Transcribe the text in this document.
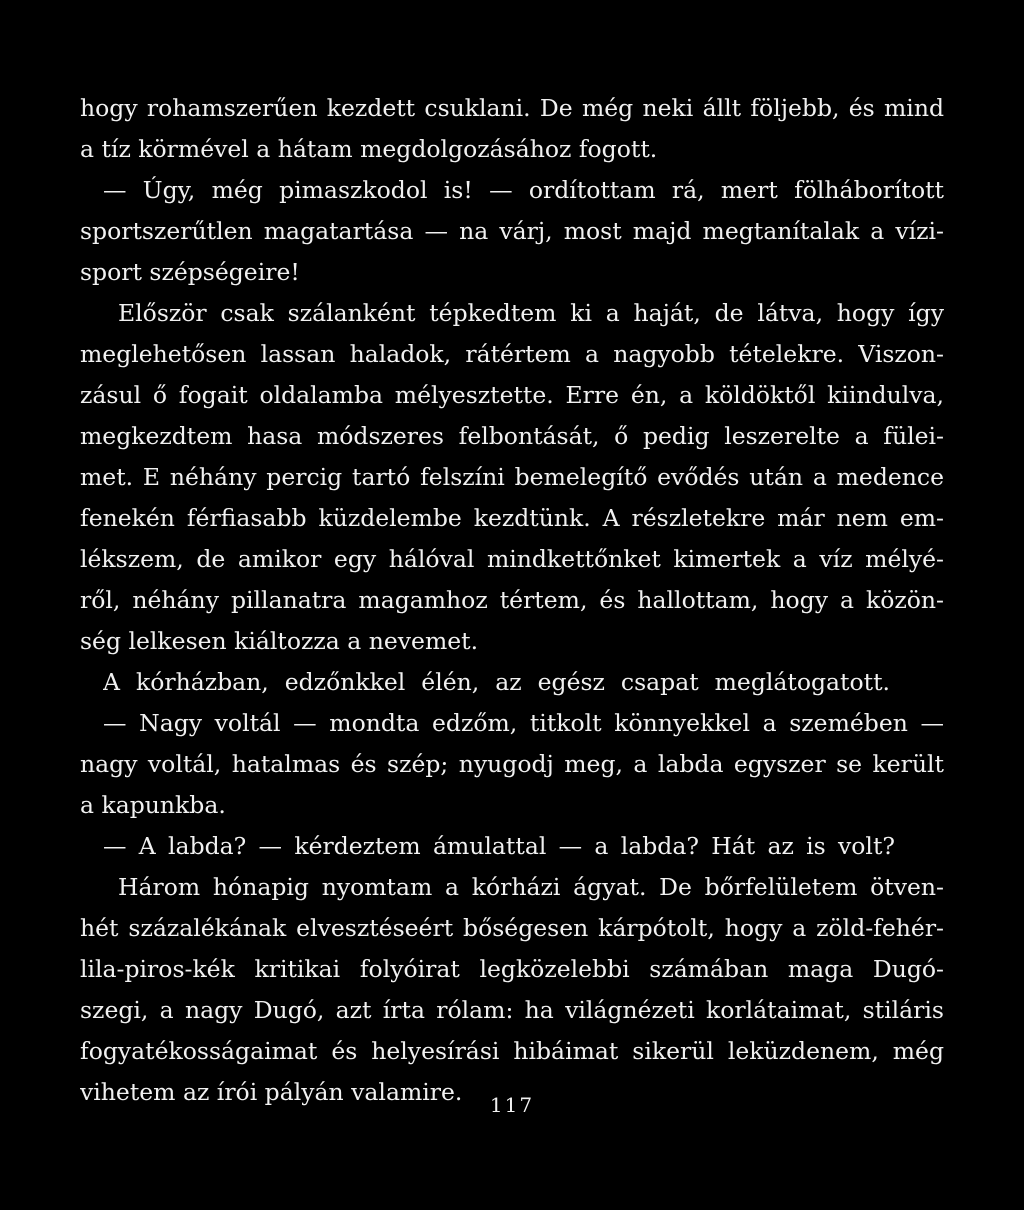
hogy rohamszerűen kezdett csuklani. De még neki állt följebb, és mind
a tíz körmével a hátam megdolgozásához fogott.
— Úgy, még pimaszkodol is! — ordítottam rá, mert fölháborított
sportszerűtlen magatartása — na várj, most majd megtanítalak a vízi-
sport szépségeire!
Először csak szálanként tépkedtem ki a haját, de látva, hogy így
meglehetősen lassan haladok, rátértem a nagyobb tételekre. Viszon-
zásul ő fogait oldalamba mélyesztette. Erre én, a köldöktől kiindulva,
megkezdtem hasa módszeres felbontását, ő pedig leszerelte a fülei-
met. E néhány percig tartó felszíni bemelegítő evődés után a medence
fenekén férfiasabb küzdelembe kezdtünk. A részletekre már nem em-
lékszem, de amikor egy hálóval mindkettőnket kimertek a víz mélyé-
ről, néhány pillanatra magamhoz tértem, és hallottam, hogy a közön-
ség lelkesen kiáltozza a nevemet.
A kórházban, edzőnkkel élén, az egész csapat meglátogatott.
— Nagy voltál — mondta edzőm, titkolt könnyekkel a szemében —
nagy voltál, hatalmas és szép; nyugodj meg, a labda egyszer se került
a kapunkba.
— A labda? — kérdeztem ámulattal — a labda? Hát az is volt?
Három hónapig nyomtam a kórházi ágyat. De bőrfelületem ötven-
hét százalékának elvesztéseért bőségesen kárpótolt, hogy a zöld-fehér-
lila-piros-kék kritikai folyóirat legközelebbi számában maga Dugó-
szegi, a nagy Dugó, azt írta rólam: ha világnézeti korlátaimat, stiláris
fogyatékosságaimat és helyesírási hibáimat sikerül leküzdenem, még
vihetem az írói pályán valamire.	117
